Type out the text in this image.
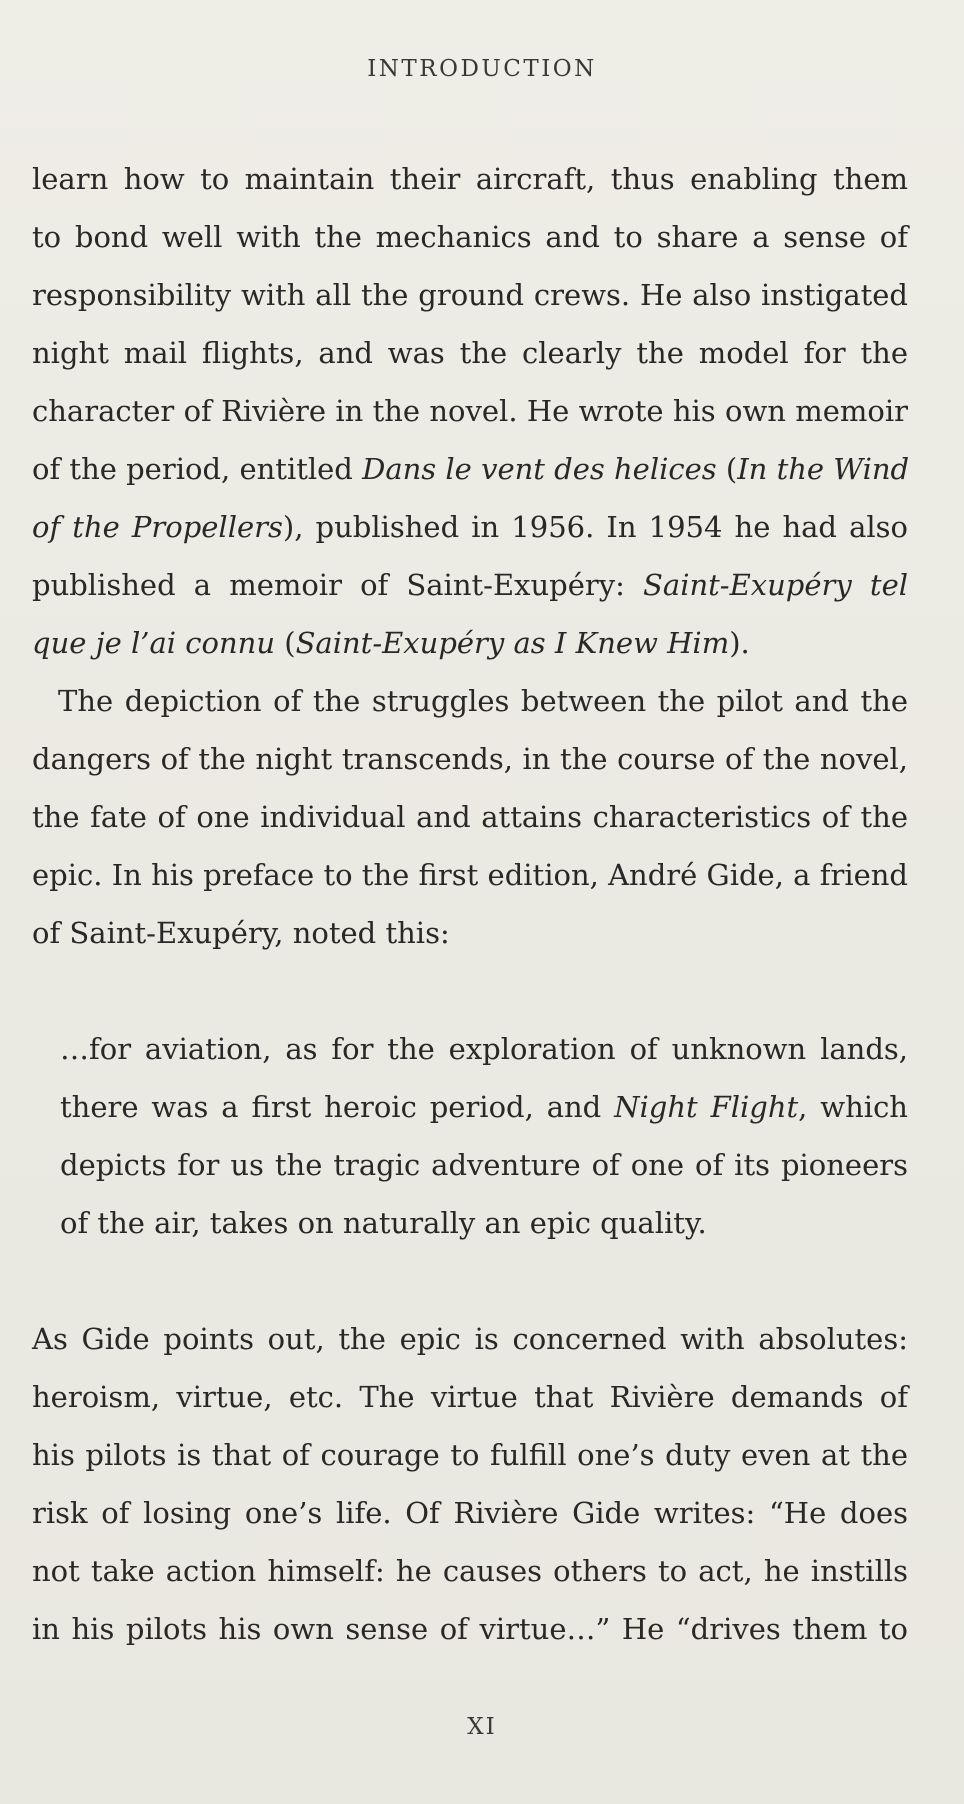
INTRODUCTION
learn how to maintain their aircraft, thus enabling them
to bond well with the mechanics and to share a sense of
responsibility with all the ground crews. He also instigated
night mail flights, and was the clearly the model for the
character of Rivière in the novel. He wrote his own memoir
of the period, entitled Dans le vent des helices (In the Wind
of the Propellers), published in 1956. In 1954 he had also
published a memoir of Saint-Exupéry: Saint-Exupéry tel
que je l’ai connu (Saint-Exupéry as I Knew Him).
The depiction of the struggles between the pilot and the
dangers of the night transcends, in the course of the novel,
the fate of one individual and attains characteristics of the
epic. In his preface to the first edition, André Gide, a friend
of Saint-Exupéry, noted this:
…for aviation, as for the exploration of unknown lands,
there was a first heroic period, and Night Flight, which
depicts for us the tragic adventure of one of its pioneers
of the air, takes on naturally an epic quality.
As Gide points out, the epic is concerned with absolutes:
heroism, virtue, etc. The virtue that Rivière demands of
his pilots is that of courage to fulfill one’s duty even at the
risk of losing one’s life. Of Rivière Gide writes: “He does
not take action himself: he causes others to act, he instills
in his pilots his own sense of virtue…” He “drives them to
XI
